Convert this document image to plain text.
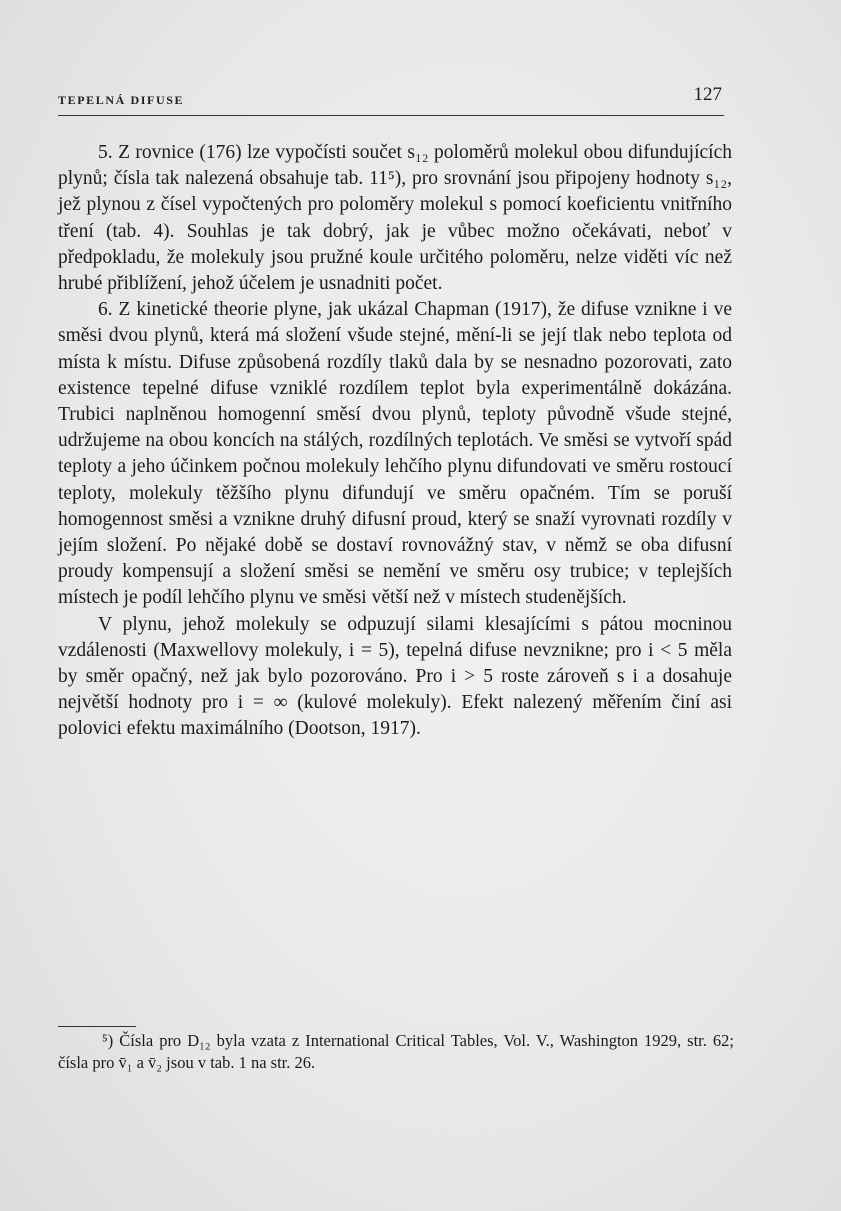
TEPELNÁ DIFUSE	127

5. Z rovnice (176) lze vypočísti součet s₁₂ poloměrů molekul obou difundujících plynů; čísla tak nalezená obsahuje tab. 11⁵), pro srovnání jsou připojeny hodnoty s₁₂, jež plynou z čísel vypočtených pro poloměry molekul s pomocí koeficientu vnitřního tření (tab. 4). Souhlas je tak dobrý, jak je vůbec možno očekávati, neboť v předpokladu, že molekuly jsou pružné koule určitého poloměru, nelze viděti víc než hrubé přiblížení, jehož účelem je usnadniti počet.

6. Z kinetické theorie plyne, jak ukázal Chapman (1917), že difuse vznikne i ve směsi dvou plynů, která má složení všude stejné, mění-li se její tlak nebo teplota od místa k místu. Difuse způsobená rozdíly tlaků dala by se nesnadno pozorovati, zato existence tepelné difuse vzniklé rozdílem teplot byla experimentálně dokázána. Trubici naplněnou homogenní směsí dvou plynů, teploty původně všude stejné, udržujeme na obou koncích na stálých, rozdílných teplotách. Ve směsi se vytvoří spád teploty a jeho účinkem počnou molekuly lehčího plynu difundovati ve směru rostoucí teploty, molekuly těžšího plynu difundují ve směru opačném. Tím se poruší homogennost směsi a vznikne druhý difusní proud, který se snaží vyrovnati rozdíly v jejím složení. Po nějaké době se dostaví rovnovážný stav, v němž se oba difusní proudy kompensují a složení směsi se nemění ve směru osy trubice; v teplejších místech je podíl lehčího plynu ve směsi větší než v místech studenějších.

V plynu, jehož molekuly se odpuzují silami klesajícími s pátou mocninou vzdálenosti (Maxwellovy molekuly, i = 5), tepelná difuse nevznikne; pro i < 5 měla by směr opačný, než jak bylo pozorováno. Pro i > 5 roste zároveň s i a dosahuje největší hodnoty pro i = ∞ (kulové molekuly). Efekt nalezený měřením činí asi polovici efektu maximálního (Dootson, 1917).

⁵) Čísla pro D₁₂ byla vzata z International Critical Tables, Vol. V., Washington 1929, str. 62; čísla pro v̄₁ a v̄₂ jsou v tab. 1 na str. 26.
